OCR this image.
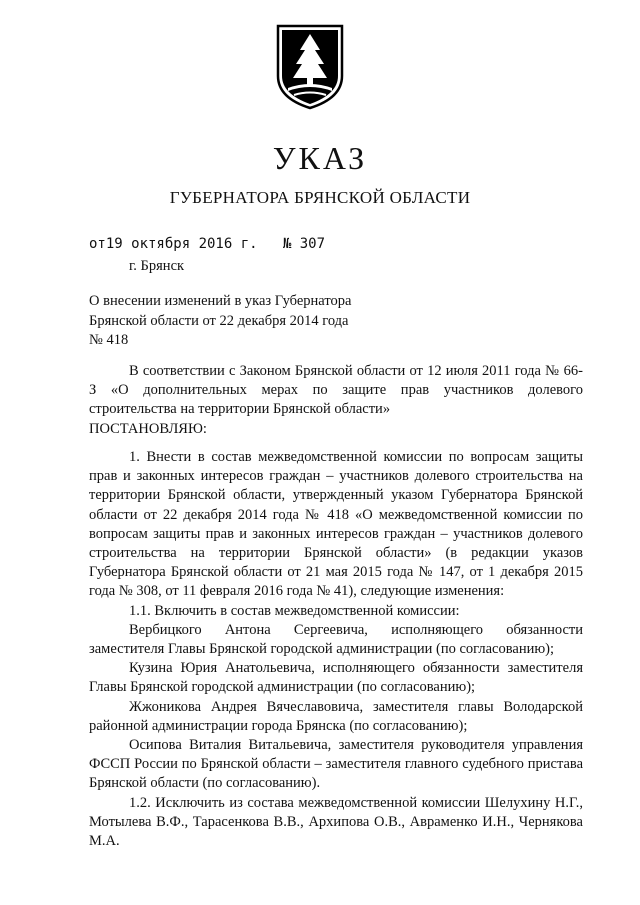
УКАЗ
ГУБЕРНАТОРА БРЯНСКОЙ ОБЛАСТИ
от19 октября 2016 г.   № 307
г. Брянск
О внесении изменений в указ Губернатора
Брянской области от 22 декабря 2014 года
№ 418

В соответствии с Законом Брянской области от 12 июля 2011 года № 66-З «О дополнительных мерах по защите прав участников долевого строительства на территории Брянской области»

ПОСТАНОВЛЯЮ:

1. Внести в состав межведомственной комиссии по вопросам защиты прав и законных интересов граждан – участников долевого строительства на территории Брянской области, утвержденный указом Губернатора Брянской области от 22 декабря 2014 года № 418 «О межведомственной комиссии по вопросам защиты прав и законных интересов граждан – участников долевого строительства на территории Брянской области» (в редакции указов Губернатора Брянской области от 21 мая 2015 года № 147, от 1 декабря 2015 года № 308, от 11 февраля 2016 года № 41), следующие изменения:

1.1. Включить в состав межведомственной комиссии:

Вербицкого Антона Сергеевича, исполняющего обязанности заместителя Главы Брянской городской администрации (по согласованию);

Кузина Юрия Анатольевича, исполняющего обязанности заместителя Главы Брянской городской администрации (по согласованию);

Жжоникова Андрея Вячеславовича, заместителя главы Володарской районной администрации города Брянска (по согласованию);

Осипова Виталия Витальевича, заместителя руководителя управления ФССП России по Брянской области – заместителя главного судебного пристава Брянской области (по согласованию).

1.2. Исключить из состава межведомственной комиссии Шелухину Н.Г., Мотылева В.Ф., Тарасенкова В.В., Архипова О.В., Авраменко И.Н., Чернякова М.А.
